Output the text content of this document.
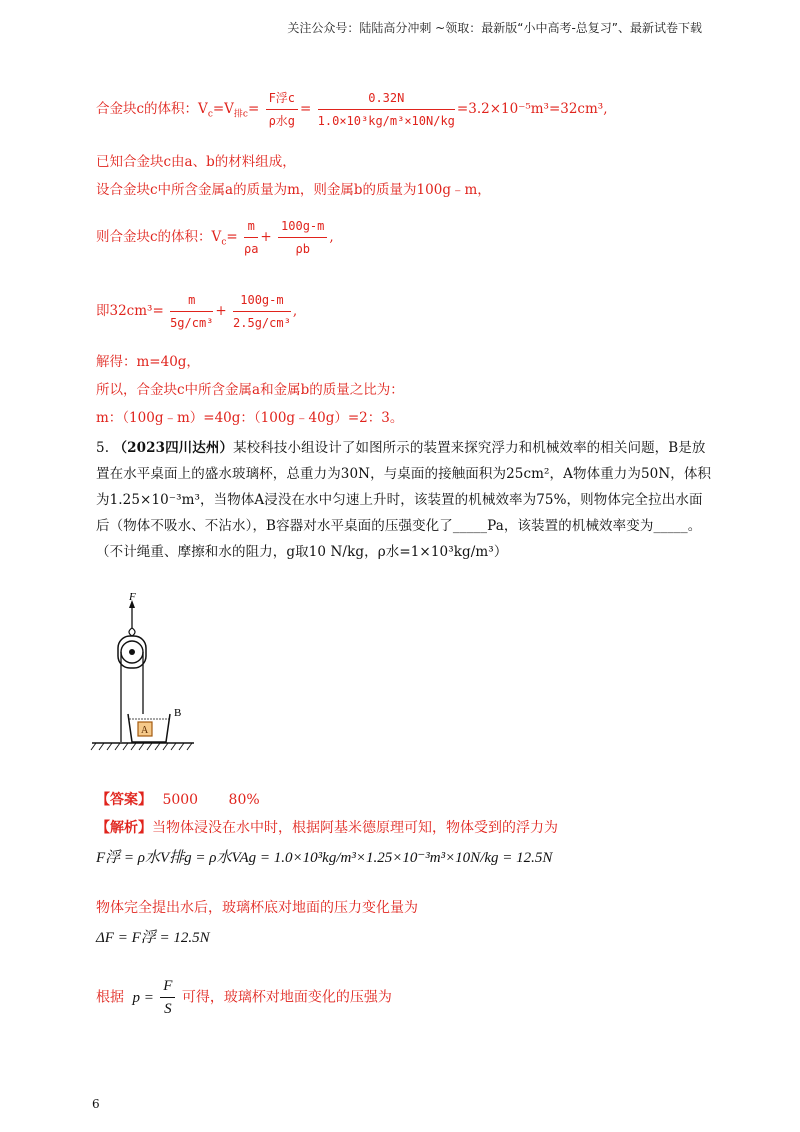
关注公众号：陆陆高分冲刺 ~领取：最新版“小中高考-总复习”、最新试卷下载
合金块c的体积：$V_c=V_{排c}= \frac{\text{F浮c}}{\text{ρ水g}} = \frac{0.32N}{\text{1.0×10³kg/m³×10N/kg}} =3.2\times 10^{-5}m^3=32cm^3$,
已知合金块c由a、b的材料组成，
设合金块c中所含金属a的质量为m，则金属b的质量为100g﹣m，
则合金块c的体积：$V_c= \frac{m}{\rho a} + \frac{100g-m}{\rho b}$ ,
即$32cm^3= \frac{m}{\text{5g/cm³}} + \frac{100g-m}{\text{2.5g/cm³}}$ ,
解得：m=40g，
所以，合金块c中所含金属a和金属b的质量之比为：
m：（100g﹣m）=40g：（100g﹣40g）=2：3。
5. （2023四川达州）某校科技小组设计了如图所示的装置来探究浮力和机械效率的相关问题，B是放置在水平桌面上的盛水玻璃杯，总重力为30N，与桌面的接触面积为25cm²，A物体重力为50N，体积为1.25×10⁻³m³，当物体A浸没在水中匀速上升时，该装置的机械效率为75%，则物体完全拉出水面后（物体不吸水、不沾水），B容器对水平桌面的压强变化了_____Pa，该装置的机械效率变为_____。（不计绳重、摩擦和水的阻力，g取10 N/kg，ρ水=1×10³kg/m³）
F
B
A
【答案】 5000 80%
【解析】当物体浸没在水中时，根据阿基米德原理可知，物体受到的浮力为
F浮 = ρ水V排g = ρ水VAg = 1.0×10³kg/m³×1.25×10⁻³m³×10N/kg = 12.5N
物体完全提出水后，玻璃杯底对地面的压力变化量为
ΔF = F浮 = 12.5N
根据 $p = \frac{F}{S}$ 可得，玻璃杯对地面变化的压强为
6
